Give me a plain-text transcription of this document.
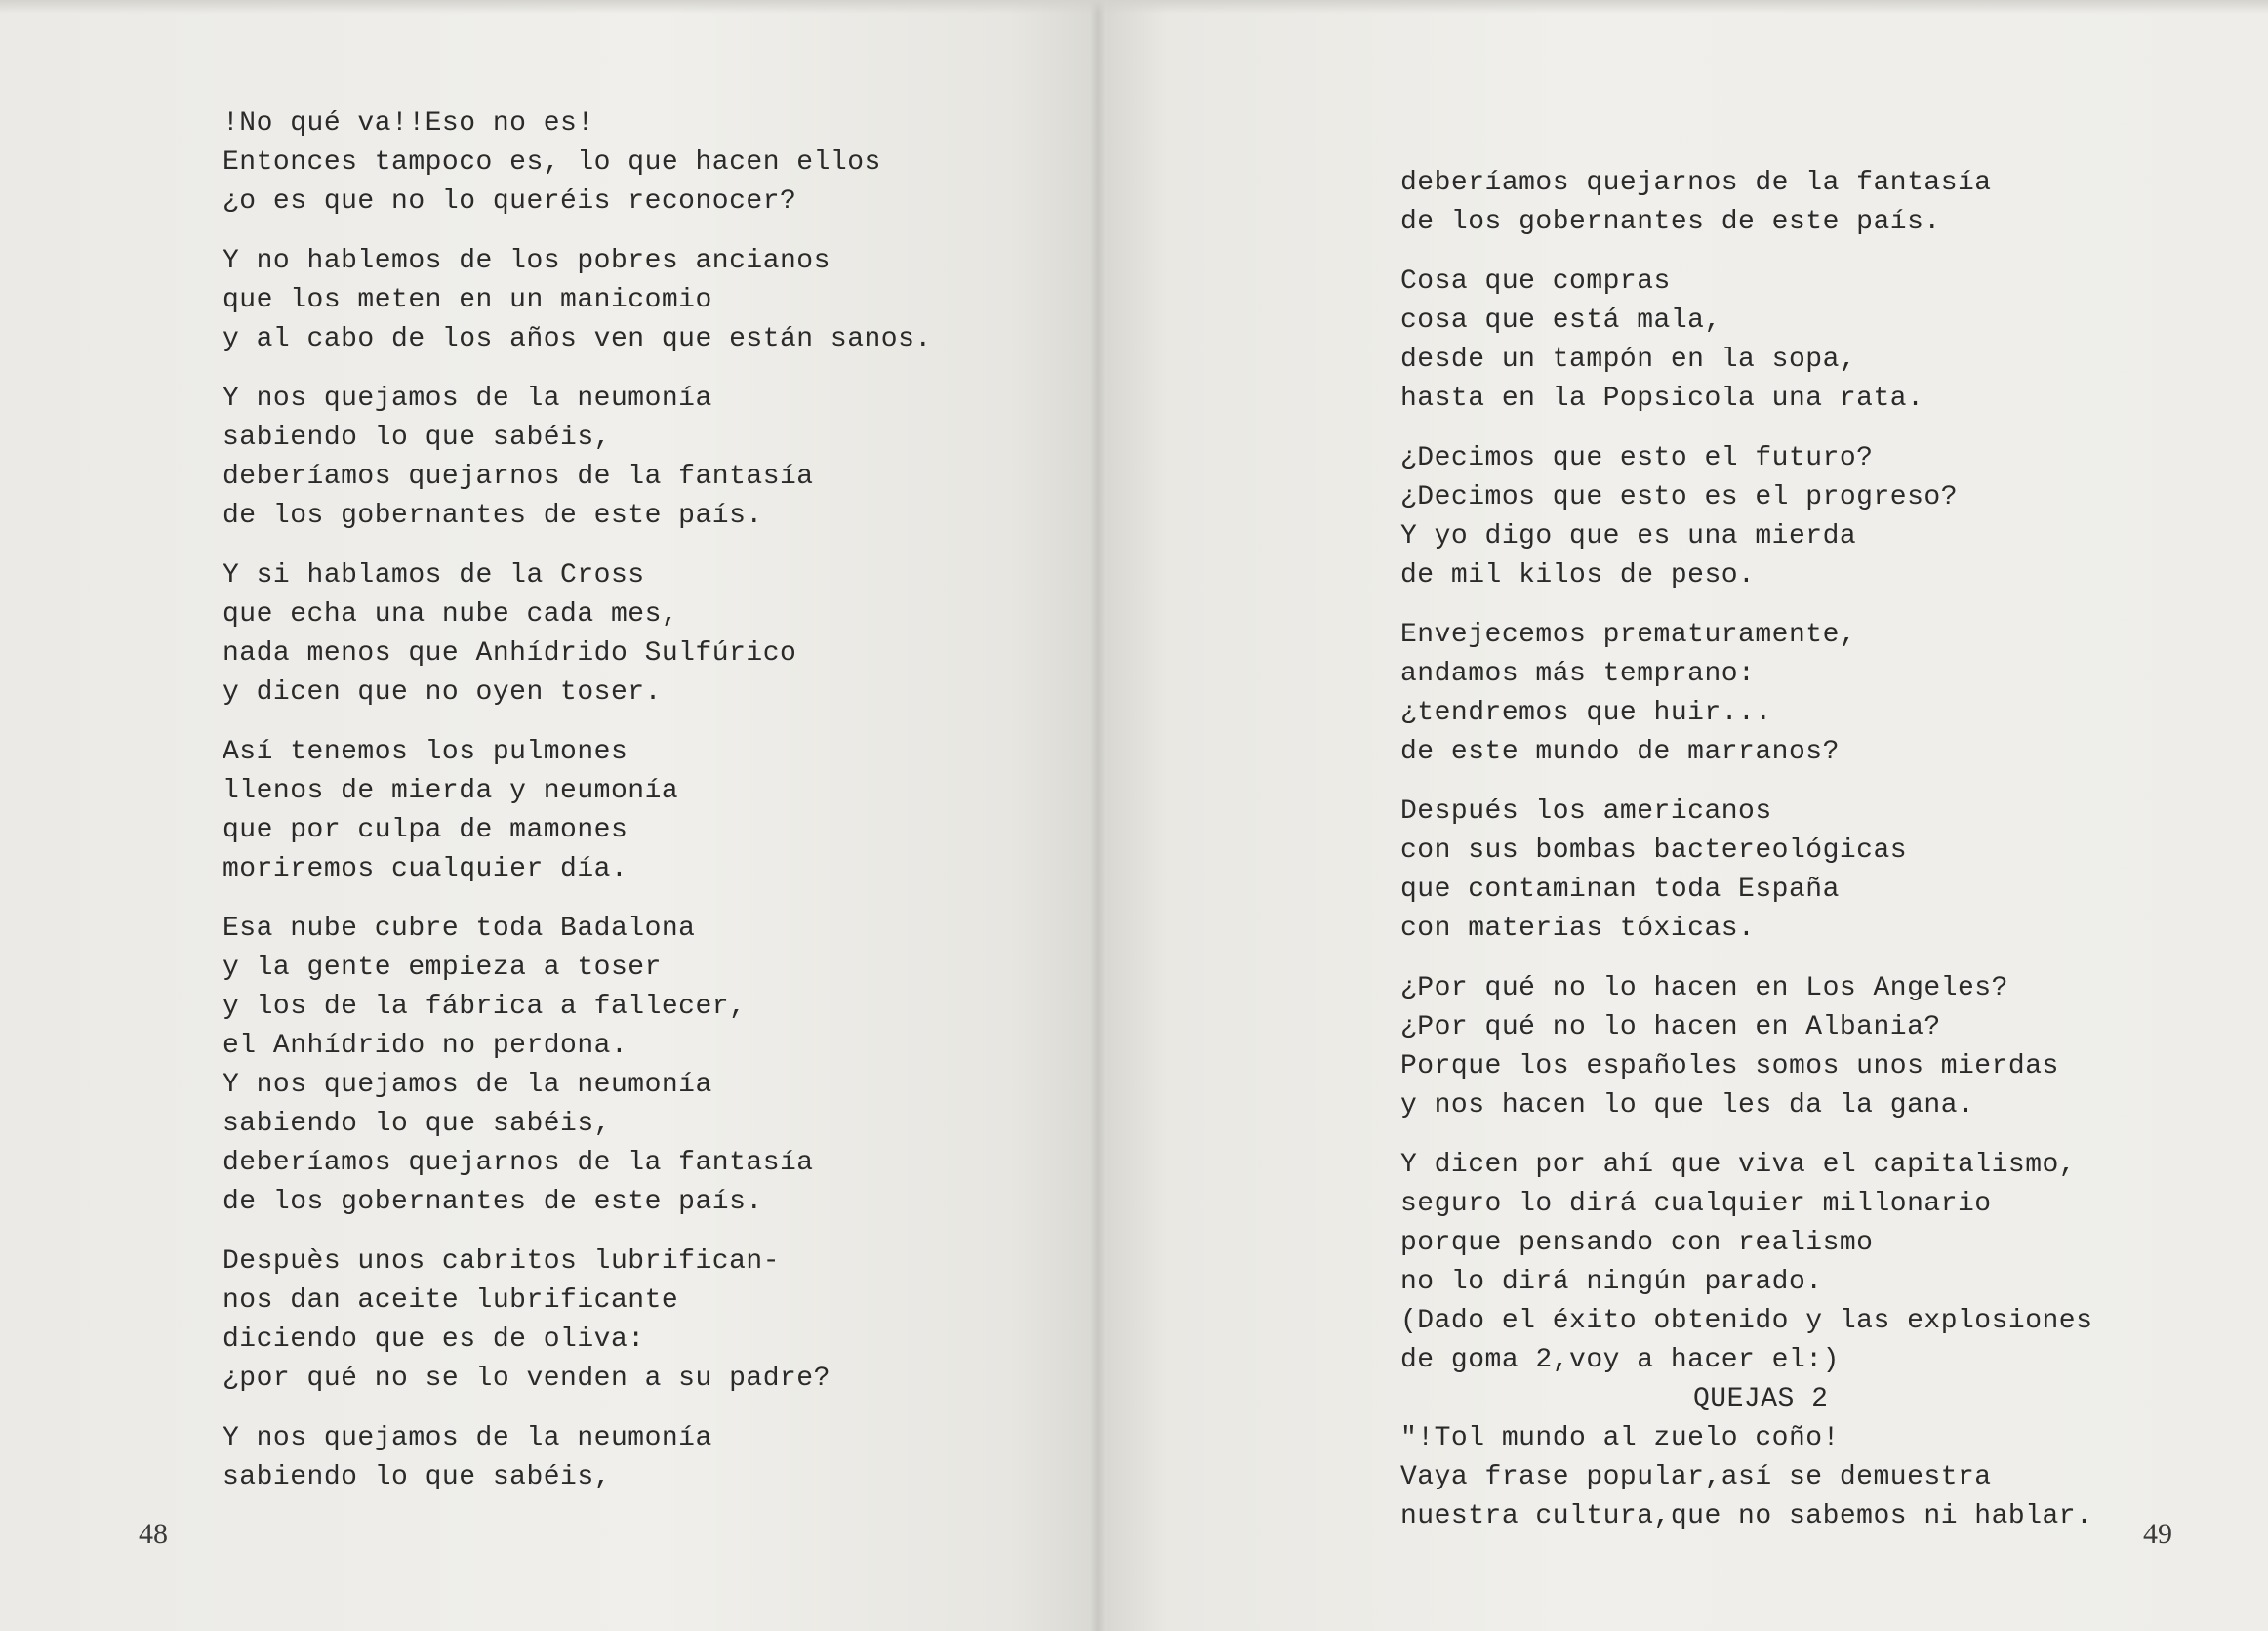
!No qué va!!Eso no es!
Entonces tampoco es, lo que hacen ellos
¿o es que no lo queréis reconocer?
Y no hablemos de los pobres ancianos
que los meten en un manicomio
y al cabo de los años ven que están sanos.
Y nos quejamos de la neumonía
sabiendo lo que sabéis,
deberíamos quejarnos de la fantasía
de los gobernantes de este país.
Y si hablamos de la Cross
que echa una nube cada mes,
nada menos que Anhídrido Sulfúrico
y dicen que no oyen toser.
Así tenemos los pulmones
llenos de mierda y neumonía
que por culpa de mamones
moriremos cualquier día.
Esa nube cubre toda Badalona
y la gente empieza a toser
y los de la fábrica a fallecer,
el Anhídrido no perdona.
Y nos quejamos de la neumonía
sabiendo lo que sabéis,
deberíamos quejarnos de la fantasía
de los gobernantes de este país.
Despuès unos cabritos lubrifican-
nos dan aceite lubrificante
diciendo que es de oliva:
¿por qué no se lo venden a su padre?
Y nos quejamos de la neumonía
sabiendo lo que sabéis,
deberíamos quejarnos de la fantasía
de los gobernantes de este país.
Cosa que compras
cosa que está mala,
desde un tampón en la sopa,
hasta en la Popsicola una rata.
¿Decimos que esto el futuro?
¿Decimos que esto es el progreso?
Y yo digo que es una mierda
de mil kilos de peso.
Envejecemos prematuramente,
andamos más temprano:
¿tendremos que huir...
de este mundo de marranos?
Después los americanos
con sus bombas bactereológicas
que contaminan toda España
con materias tóxicas.
¿Por qué no lo hacen en Los Angeles?
¿Por qué no lo hacen en Albania?
Porque los españoles somos unos mierdas
y nos hacen lo que les da la gana.
Y dicen por ahí que viva el capitalismo,
seguro lo dirá cualquier millonario
porque pensando con realismo
no lo dirá ningún parado.
(Dado el éxito obtenido y las explosiones
de goma 2,voy a hacer el:)
QUEJAS 2
"!Tol mundo al zuelo coño!
Vaya frase popular,así se demuestra
nuestra cultura,que no sabemos ni hablar.
48	49
